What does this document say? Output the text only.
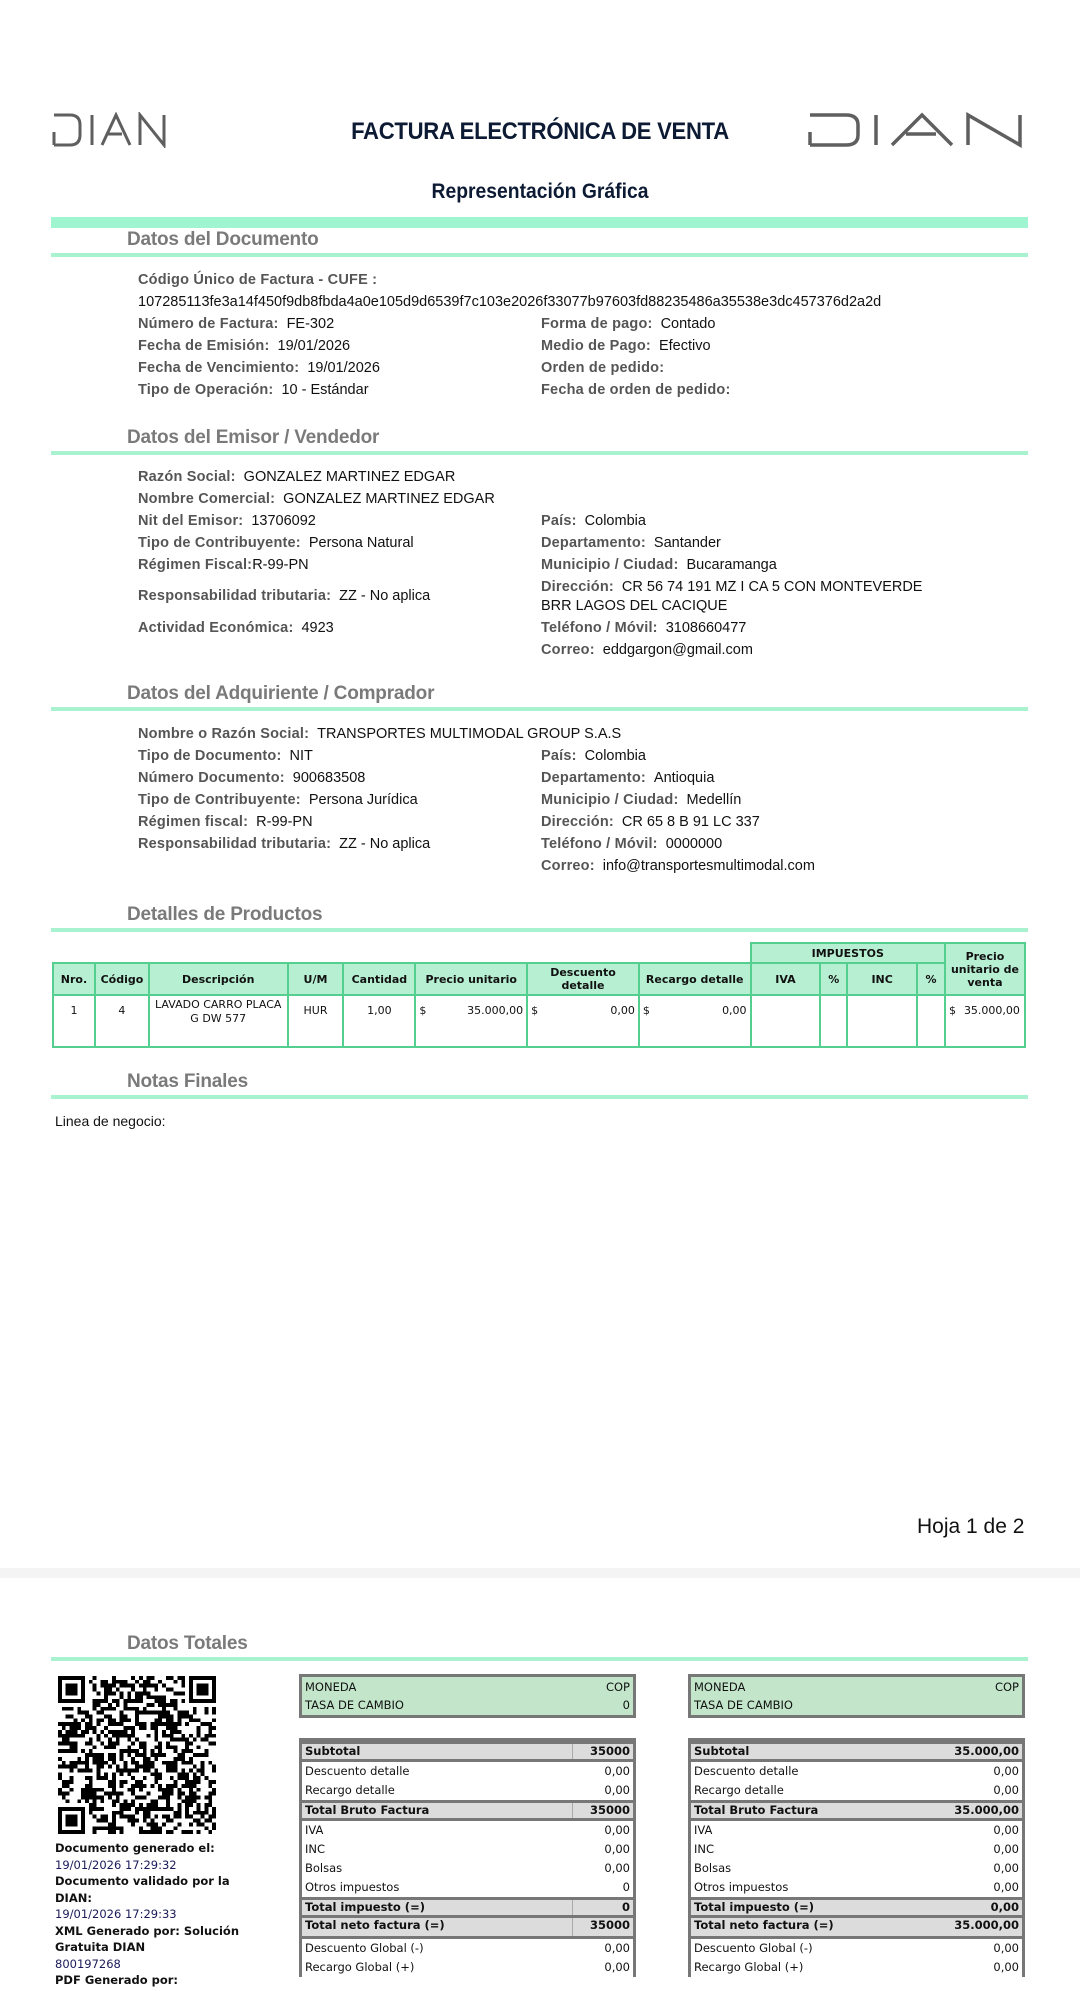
FACTURA ELECTRÓNICA DE VENTA
Representación Gráfica
Datos del Documento
Código Único de Factura - CUFE :
107285113fe3a14f450f9db8fbda4a0e105d9d6539f7c103e2026f33077b97603fd88235486a35538e3dc457376d2a2d
Número de Factura: FE-302
Fecha de Emisión: 19/01/2026
Fecha de Vencimiento: 19/01/2026
Tipo de Operación: 10 - Estándar
Forma de pago: Contado
Medio de Pago: Efectivo
Orden de pedido:
Fecha de orden de pedido:
Datos del Emisor / Vendedor
Razón Social: GONZALEZ MARTINEZ EDGAR
Nombre Comercial: GONZALEZ MARTINEZ EDGAR
Nit del Emisor: 13706092
Tipo de Contribuyente: Persona Natural
Régimen Fiscal:R-99-PN
Responsabilidad tributaria: ZZ - No aplica
Actividad Económica: 4923
País: Colombia
Departamento: Santander
Municipio / Ciudad: Bucaramanga
Dirección: CR 56 74 191 MZ I CA 5 CON MONTEVERDE
BRR LAGOS DEL CACIQUE
Teléfono / Móvil: 3108660477
Correo: eddgargon@gmail.com
Datos del Adquiriente / Comprador
Nombre o Razón Social: TRANSPORTES MULTIMODAL GROUP S.A.S
Tipo de Documento: NIT
Número Documento: 900683508
Tipo de Contribuyente: Persona Jurídica
Régimen fiscal: R-99-PN
Responsabilidad tributaria: ZZ - No aplica
País: Colombia
Departamento: Antioquia
Municipio / Ciudad: Medellín
Dirección: CR 65 8 B 91 LC 337
Teléfono / Móvil: 0000000
Correo: info@transportesmultimodal.com
Detalles de Productos
								IMPUESTOS				Precio unitario de venta
Nro.	Código	Descripción	U/M	Cantidad	Precio unitario	Descuento detalle	Recargo detalle	IVA	%	INC	%	
1	4	LAVADO CARRO PLACA G DW 577	HUR	1,00	$ 35.000,00	$ 0,00	$ 0,00					$ 35.000,00
Notas Finales
Linea de negocio:
Hoja 1 de 2
Datos Totales
Documento generado el:
19/01/2026 17:29:32
Documento validado por la DIAN:
19/01/2026 17:29:33
XML Generado por: Solución Gratuita DIAN
800197268
PDF Generado por:
MONEDA	COP
TASA DE CAMBIO	0
Subtotal	35000
Descuento detalle	0,00
Recargo detalle	0,00
Total Bruto Factura	35000
IVA	0,00
INC	0,00
Bolsas	0,00
Otros impuestos	0
Total impuesto (=)	0
Total neto factura (=)	35000
Descuento Global (-)	0,00
Recargo Global (+)	0,00
MONEDA	COP
TASA DE CAMBIO
Subtotal	35.000,00
Descuento detalle	0,00
Recargo detalle	0,00
Total Bruto Factura	35.000,00
IVA	0,00
INC	0,00
Bolsas	0,00
Otros impuestos	0,00
Total impuesto (=)	0,00
Total neto factura (=)	35.000,00
Descuento Global (-)	0,00
Recargo Global (+)	0,00
